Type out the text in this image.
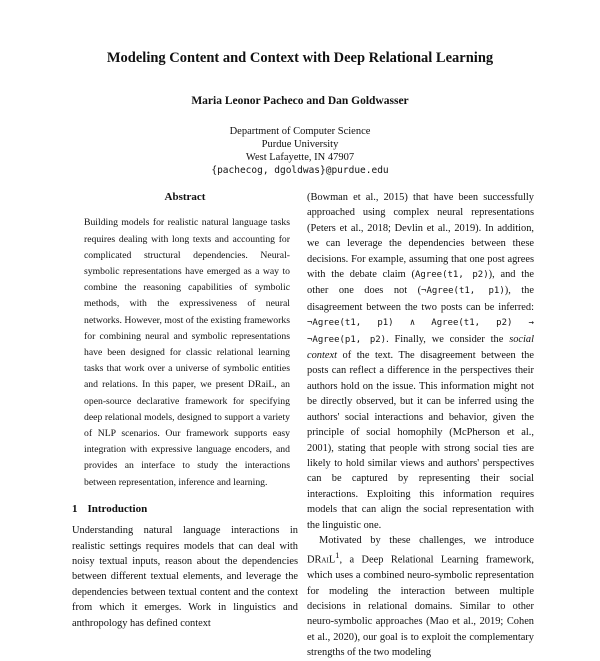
Modeling Content and Context with Deep Relational Learning
Maria Leonor Pacheco and Dan Goldwasser
Department of Computer Science
Purdue University
West Lafayette, IN 47907
{pachecog, dgoldwas}@purdue.edu
Abstract

Building models for realistic natural language tasks requires dealing with long texts and accounting for complicated structural dependencies. Neural-symbolic representations have emerged as a way to combine the reasoning capabilities of symbolic methods, with the expressiveness of neural networks. However, most of the existing frameworks for combining neural and symbolic representations have been designed for classic relational learning tasks that work over a universe of symbolic entities and relations. In this paper, we present DRaiL, an open-source declarative framework for specifying deep relational models, designed to support a variety of NLP scenarios. Our framework supports easy integration with expressive language encoders, and provides an interface to study the interactions between representation, inference and learning.

1 Introduction

Understanding natural language interactions in realistic settings requires models that can deal with noisy textual inputs, reason about the dependencies between different textual elements, and leverage the dependencies between textual content and the context from which it emerges. Work in linguistics and anthropology has defined context

(Bowman et al., 2015) that have been successfully approached using complex neural representations (Peters et al., 2018; Devlin et al., 2019). In addition, we can leverage the dependencies between these decisions. For example, assuming that one post agrees with the debate claim (Agree(t1, p2)), and the other one does not (¬Agree(t1, p1)), the disagreement between the two posts can be inferred: ¬Agree(t1, p1) ∧ Agree(t1, p2) → ¬Agree(p1, p2). Finally, we consider the social context of the text. The disagreement between the posts can reflect a difference in the perspectives their authors hold on the issue. This information might not be directly observed, but it can be inferred using the authors' social interactions and behavior, given the principle of social homophily (McPherson et al., 2001), stating that people with strong social ties are likely to hold similar views and authors' perspectives can be captured by representing their social interactions. Exploiting this information requires models that can align the social representation with the linguistic one.

Motivated by these challenges, we introduce DRaiL$^1$, a Deep Relational Learning framework, which uses a combined neuro-symbolic representation for modeling the interaction between multiple decisions in relational domains. Similar to other neuro-symbolic approaches (Mao et al., 2019; Cohen et al., 2020), our goal is to exploit the complementary strengths of the two modeling
